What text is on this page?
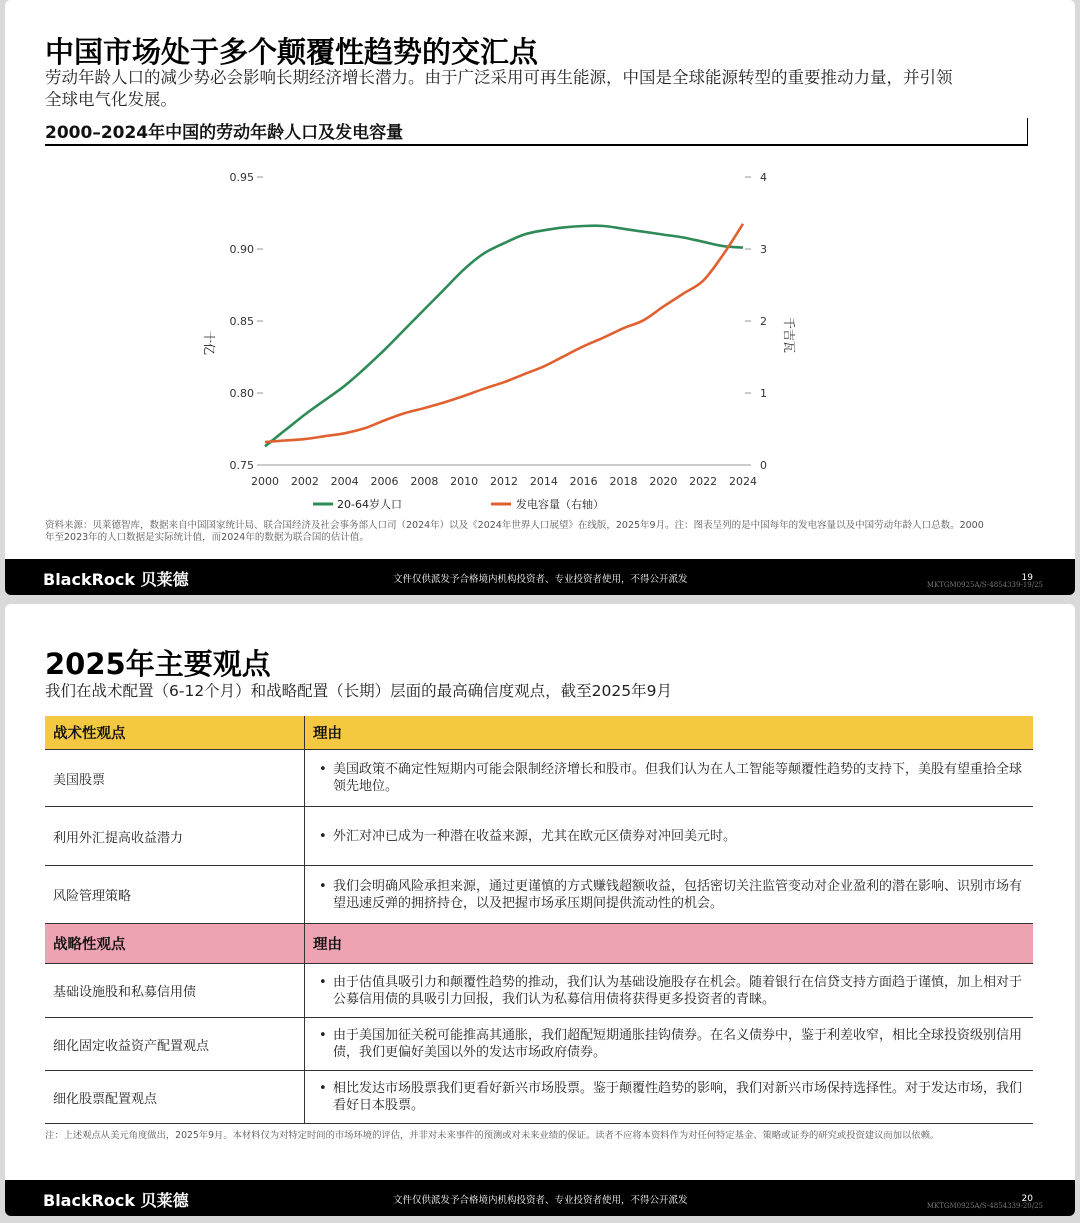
中国市场处于多个颠覆性趋势的交汇点
劳动年龄人口的减少势必会影响长期经济增长潜力。由于广泛采用可再生能源，中国是全球能源转型的重要推动力量，并引领
全球电气化发展。
2000–2024年中国的劳动年龄人口及发电容量
0.75
0.80
0.85
0.90
0.95
0
1
2
3
4
2000 2002 2004 2006 2008 2010 2012 2014 2016 2018 2020 2022 2024
十亿	千吉瓦
20-64岁人口	发电容量（右轴）
资料来源：贝莱德智库，数据来自中国国家统计局、联合国经济及社会事务部人口司（2024年）以及《2024年世界人口展望》在线版，2025年9月。注：图表呈列的是中国每年的发电容量以及中国劳动年龄人口总数。2000
年至2023年的人口数据是实际统计值，而2024年的数据为联合国的估计值。
BlackRock 贝莱德	文件仅供派发予合格境内机构投资者、专业投资者使用，不得公开派发	19
MKTGM0925A/S-4854339-19/25
2025年主要观点
我们在战术配置（6-12个月）和战略配置（长期）层面的最高确信度观点，截至2025年9月
战术性观点	理由
美国股票	• 美国政策不确定性短期内可能会限制经济增长和股市。但我们认为在人工智能等颠覆性趋势的支持下，美股有望重拾全球领先地位。

利用外汇提高收益潜力	• 外汇对冲已成为一种潜在收益来源，尤其在欧元区债券对冲回美元时。

风险管理策略	• 我们会明确风险承担来源，通过更谨慎的方式赚钱超额收益，包括密切关注监管变动对企业盈利的潜在影响、识别市场有望迅速反弹的拥挤持仓，以及把握市场承压期间提供流动性的机会。

战略性观点	理由
基础设施股和私募信用债	• 由于估值具吸引力和颠覆性趋势的推动，我们认为基础设施股存在机会。随着银行在信贷支持方面趋于谨慎，加上相对于公募信用债的具吸引力回报，我们认为私募信用债将获得更多投资者的青睐。

细化固定收益资产配置观点	• 由于美国加征关税可能推高其通胀，我们超配短期通胀挂钩债券。在名义债券中，鉴于利差收窄，相比全球投资级别信用债，我们更偏好美国以外的发达市场政府债券。

细化股票配置观点	• 相比发达市场股票我们更看好新兴市场股票。鉴于颠覆性趋势的影响，我们对新兴市场保持选择性。对于发达市场，我们看好日本股票。
注：上述观点从美元角度做出，2025年9月。本材料仅为对特定时间的市场环境的评估，并非对未来事件的预测或对未来业绩的保证。读者不应将本资料作为对任何特定基金、策略或证券的研究或投资建议而加以依赖。
BlackRock 贝莱德	文件仅供派发予合格境内机构投资者、专业投资者使用，不得公开派发	20
MKTGM0925A/S-4854339-20/25
